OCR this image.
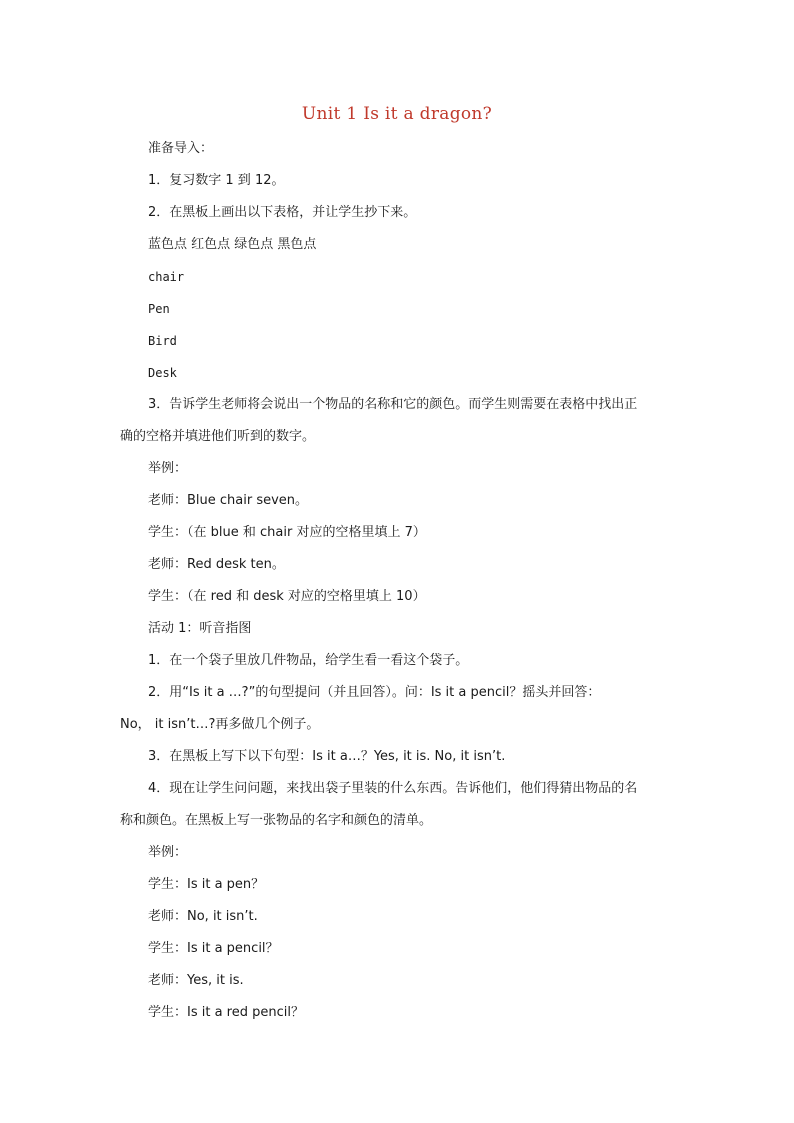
Unit 1 Is it a dragon?

准备导入：

1．复习数字 1 到 12。

2．在黑板上画出以下表格，并让学生抄下来。

蓝色点 红色点 绿色点 黑色点

chair

Pen

Bird

Desk

3．告诉学生老师将会说出一个物品的名称和它的颜色。而学生则需要在表格中找出正

确的空格并填进他们听到的数字。

举例：

老师：Blue chair seven。

学生：（在 blue 和 chair 对应的空格里填上 7）

老师：Red desk ten。

学生：（在 red 和 desk 对应的空格里填上 10）

活动 1：听音指图

1．在一个袋子里放几件物品，给学生看一看这个袋子。

2．用“Is it a …?”的句型提问（并且回答）。问：Is it a pencil？摇头并回答：

No， it isn’t…?再多做几个例子。

3．在黑板上写下以下句型：Is it a…？Yes, it is. No, it isn’t.

4．现在让学生问问题，来找出袋子里装的什么东西。告诉他们，他们得猜出物品的名

称和颜色。在黑板上写一张物品的名字和颜色的清单。

举例：

学生：Is it a pen？

老师：No, it isn’t.

学生：Is it a pencil？

老师：Yes, it is.

学生：Is it a red pencil？
